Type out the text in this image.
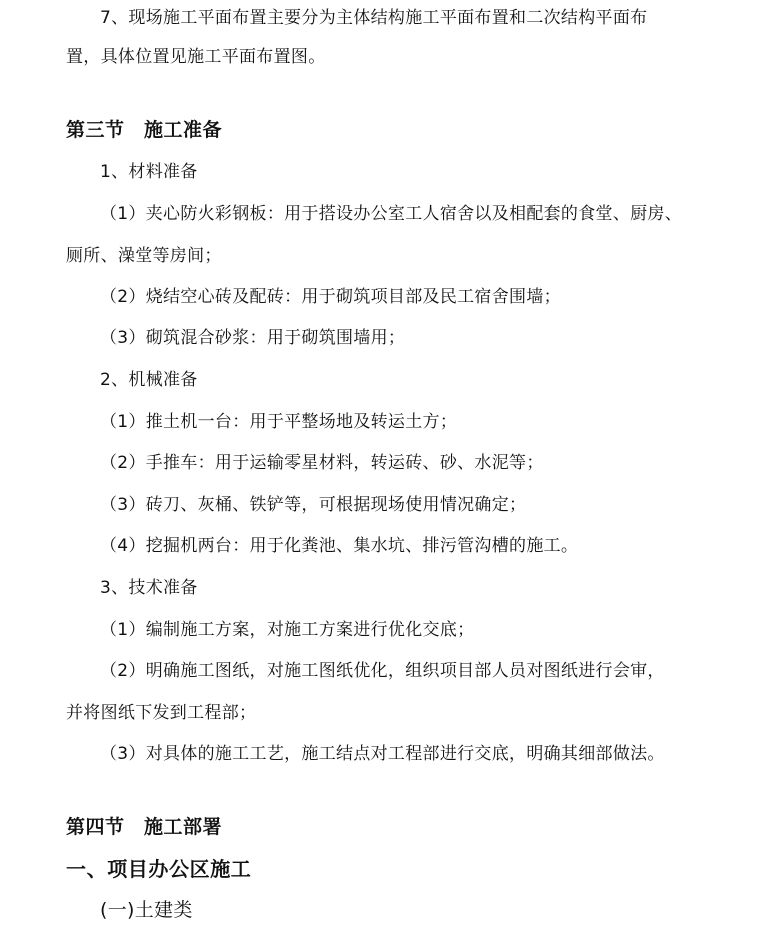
7、现场施工平面布置主要分为主体结构施工平面布置和二次结构平面布
置，具体位置见施工平面布置图。
第三节　施工准备
1、材料准备
（1）夹心防火彩钢板：用于搭设办公室工人宿舍以及相配套的食堂、厨房、
厕所、澡堂等房间；
（2）烧结空心砖及配砖：用于砌筑项目部及民工宿舍围墙；
（3）砌筑混合砂浆：用于砌筑围墙用；
2、机械准备
（1）推土机一台：用于平整场地及转运土方；
（2）手推车：用于运输零星材料，转运砖、砂、水泥等；
（3）砖刀、灰桶、铁铲等，可根据现场使用情况确定；
（4）挖掘机两台：用于化粪池、集水坑、排污管沟槽的施工。
3、技术准备
（1）编制施工方案，对施工方案进行优化交底；
（2）明确施工图纸，对施工图纸优化，组织项目部人员对图纸进行会审，
并将图纸下发到工程部；
（3）对具体的施工工艺，施工结点对工程部进行交底，明确其细部做法。
第四节　施工部署
一、项目办公区施工
(一)土建类
